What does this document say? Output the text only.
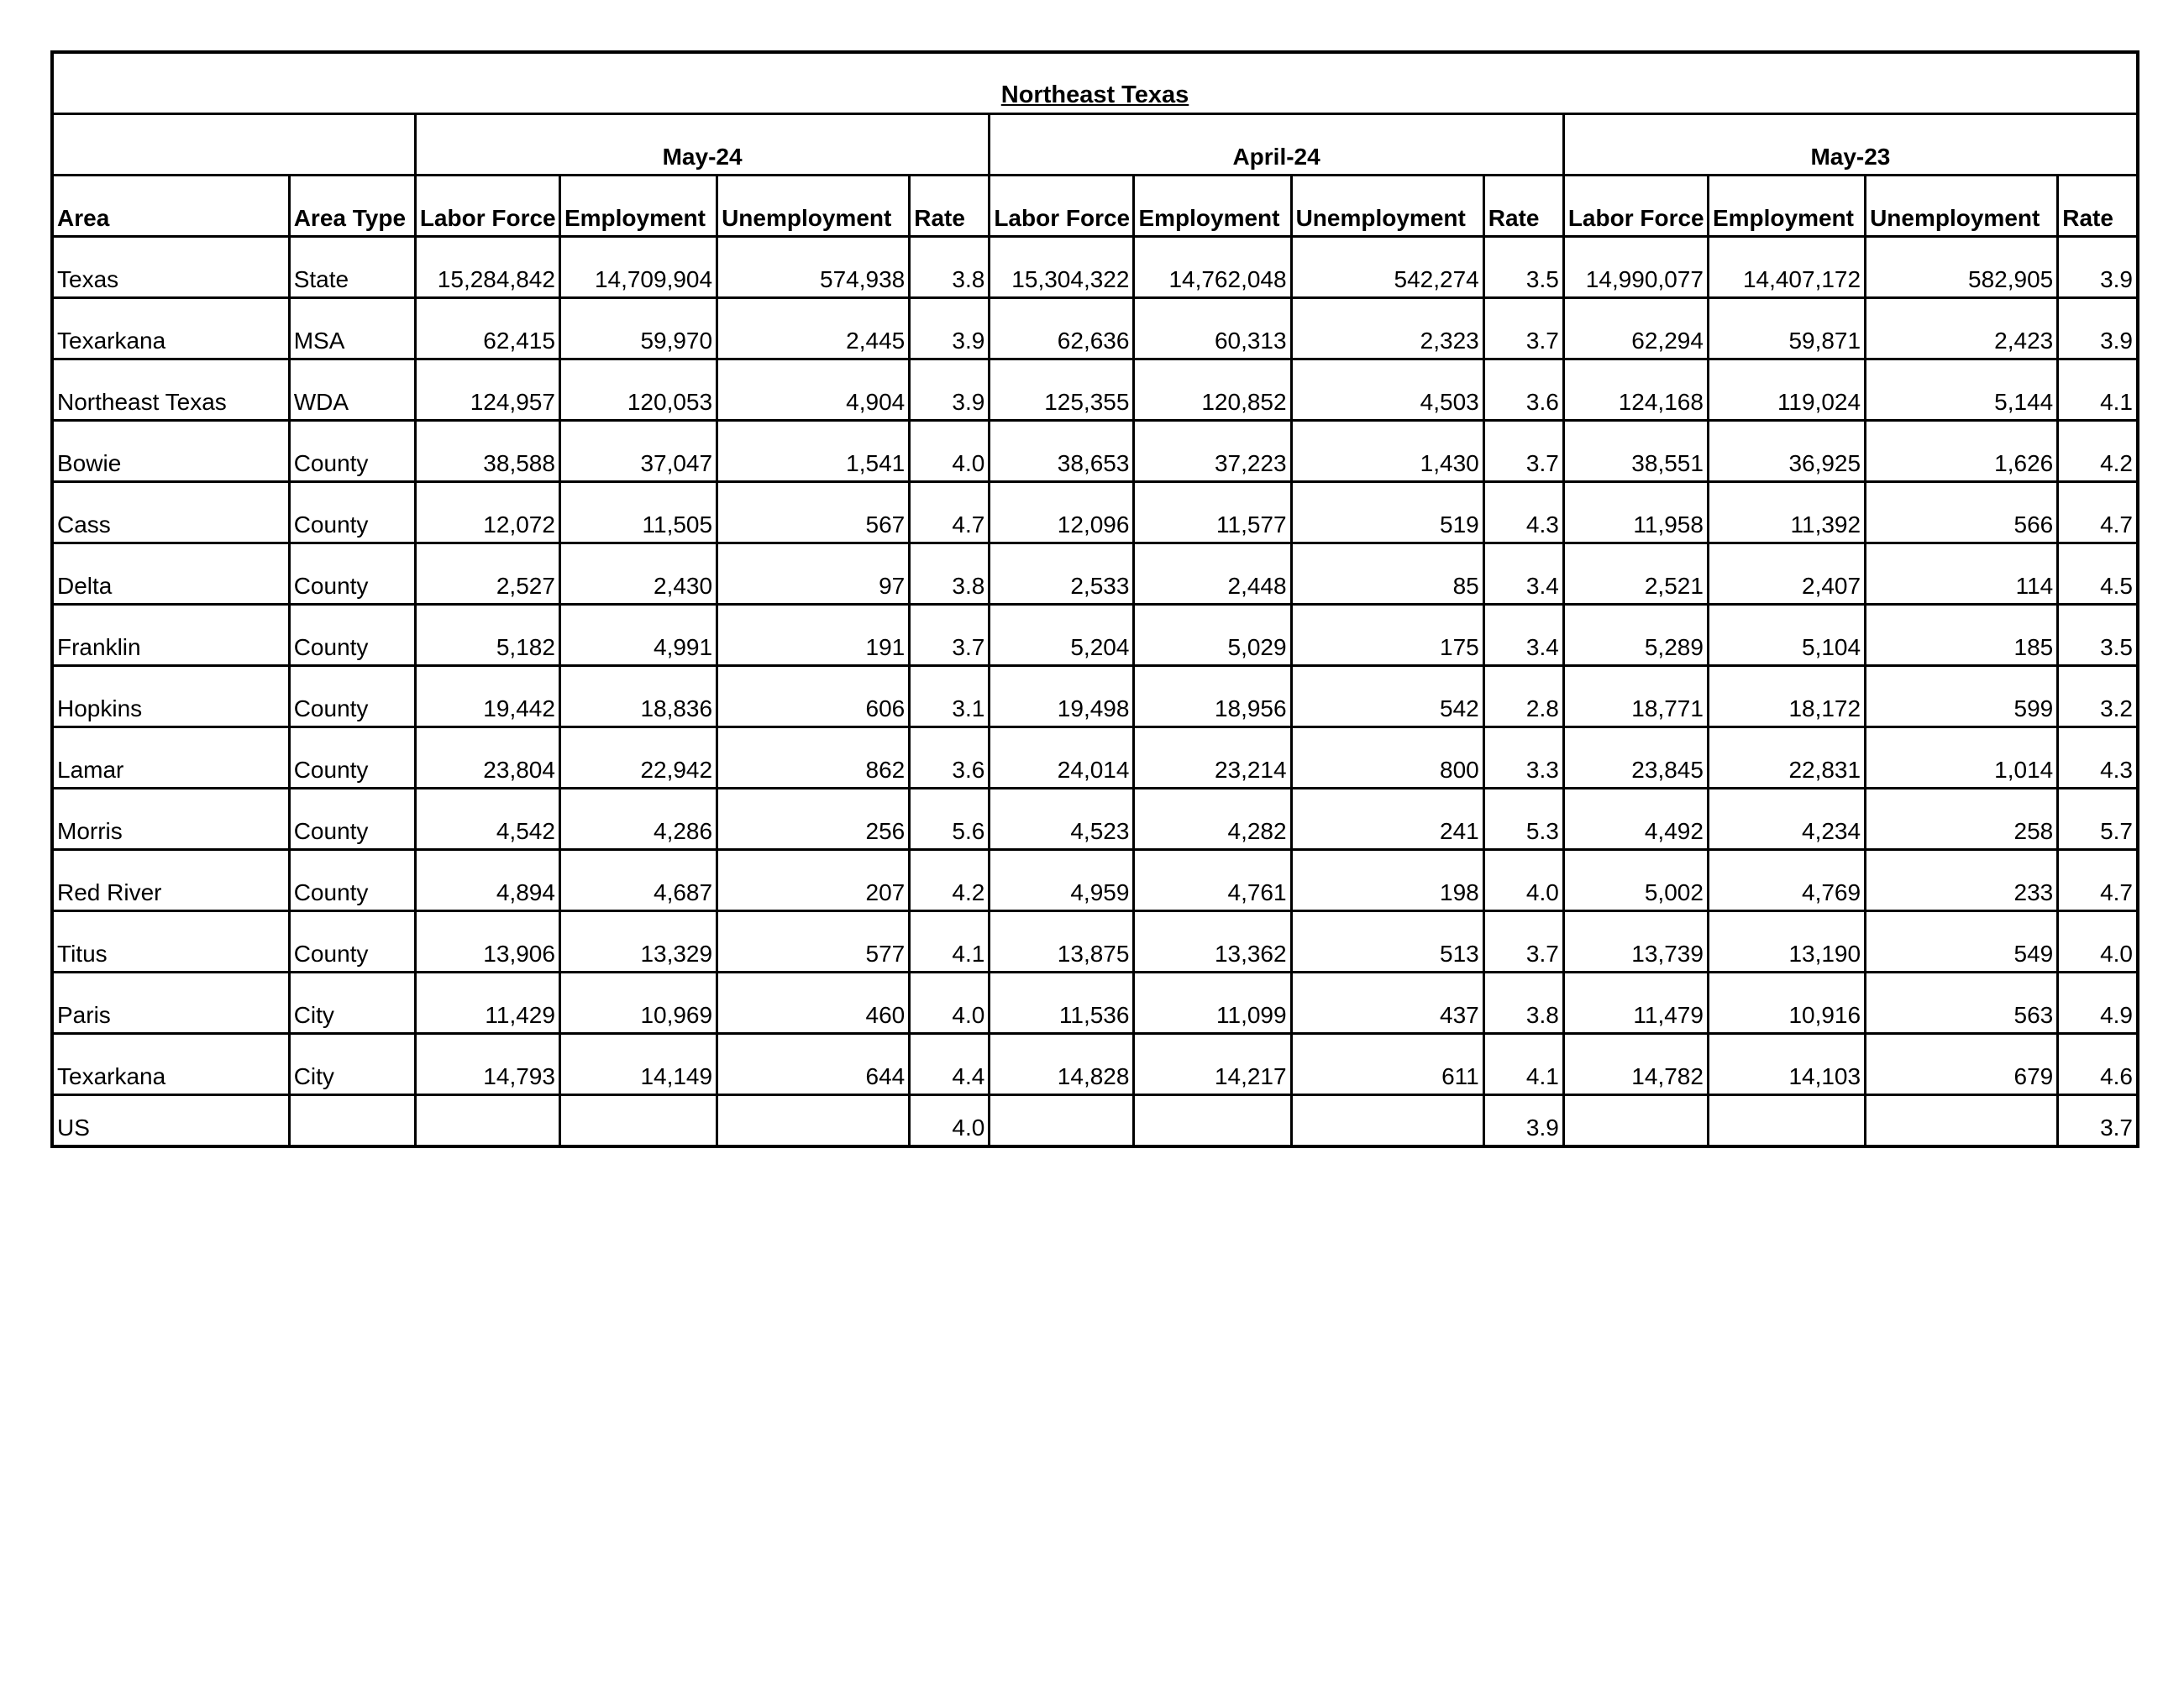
Northeast Texas													
		May-24				April-24				May-23			
Area	Area Type	Labor Force	Employment	Unemployment	Rate	Labor Force	Employment	Unemployment	Rate	Labor Force	Employment	Unemployment	Rate
Texas	State	15,284,842	14,709,904	574,938	3.8	15,304,322	14,762,048	542,274	3.5	14,990,077	14,407,172	582,905	3.9
Texarkana	MSA	62,415	59,970	2,445	3.9	62,636	60,313	2,323	3.7	62,294	59,871	2,423	3.9
Northeast Texas	WDA	124,957	120,053	4,904	3.9	125,355	120,852	4,503	3.6	124,168	119,024	5,144	4.1
Bowie	County	38,588	37,047	1,541	4.0	38,653	37,223	1,430	3.7	38,551	36,925	1,626	4.2
Cass	County	12,072	11,505	567	4.7	12,096	11,577	519	4.3	11,958	11,392	566	4.7
Delta	County	2,527	2,430	97	3.8	2,533	2,448	85	3.4	2,521	2,407	114	4.5
Franklin	County	5,182	4,991	191	3.7	5,204	5,029	175	3.4	5,289	5,104	185	3.5
Hopkins	County	19,442	18,836	606	3.1	19,498	18,956	542	2.8	18,771	18,172	599	3.2
Lamar	County	23,804	22,942	862	3.6	24,014	23,214	800	3.3	23,845	22,831	1,014	4.3
Morris	County	4,542	4,286	256	5.6	4,523	4,282	241	5.3	4,492	4,234	258	5.7
Red River	County	4,894	4,687	207	4.2	4,959	4,761	198	4.0	5,002	4,769	233	4.7
Titus	County	13,906	13,329	577	4.1	13,875	13,362	513	3.7	13,739	13,190	549	4.0
Paris	City	11,429	10,969	460	4.0	11,536	11,099	437	3.8	11,479	10,916	563	4.9
Texarkana	City	14,793	14,149	644	4.4	14,828	14,217	611	4.1	14,782	14,103	679	4.6
US					4.0				3.9				3.7
